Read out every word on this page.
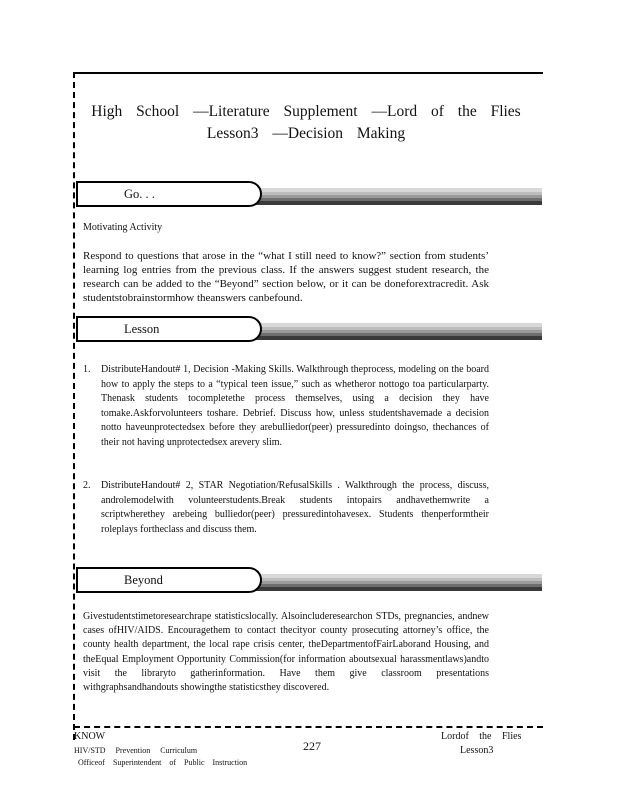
High School —Literature Supplement —Lord of the Flies
Lesson3 —Decision Making
Go. . .
Motivating Activity
Respond to questions that arose in the “what I still need to know?” section from students’ learning log entries from the previous class. If the answers suggest student research, the research can be added to the “Beyond” section below, or it can be doneforextracredit. Ask studentstobrainstormhow theanswers canbefound.
Lesson
1. DistributeHandout# 1, Decision -Making Skills. Walkthrough theprocess, modeling on the board how to apply the steps to a “typical teen issue,” such as whetheror nottogo toa particularparty. Thenask students tocompletethe process themselves, using a decision they have tomake.Askforvolunteers toshare. Debrief. Discuss how, unless studentshavemade a decision notto haveunprotectedsex before they arebulliedor(peer) pressuredinto doingso, thechances of their not having unprotectedsex arevery slim.
2. DistributeHandout# 2, STAR Negotiation/RefusalSkills . Walkthrough the process, discuss, androlemodelwith volunteerstudents.Break students intopairs andhavethemwrite a scriptwherethey arebeing bulliedor(peer) pressuredintohavesex. Students thenperformtheir roleplays fortheclass and discuss them.
Beyond
Givestudentstimetoresearchrape statisticslocally. Alsoincluderesearchon STDs, pregnancies, andnew cases ofHIV/AIDS. Encouragethem to contact thecityor county prosecuting attorney’s office, the county health department, the local rape crisis center, theDepartmentofFairLaborand Housing, and theEqual Employment Opportunity Commission(for information aboutsexual harassmentlaws)andto visit the libraryto gatherinformation. Have them give classroom presentations withgraphsandhandouts showingthe statisticsthey discovered.
KNOW
HIV/STD Prevention Curriculum
Officeof Superintendent of Public Instruction
227
Lordof the Flies
Lesson3
